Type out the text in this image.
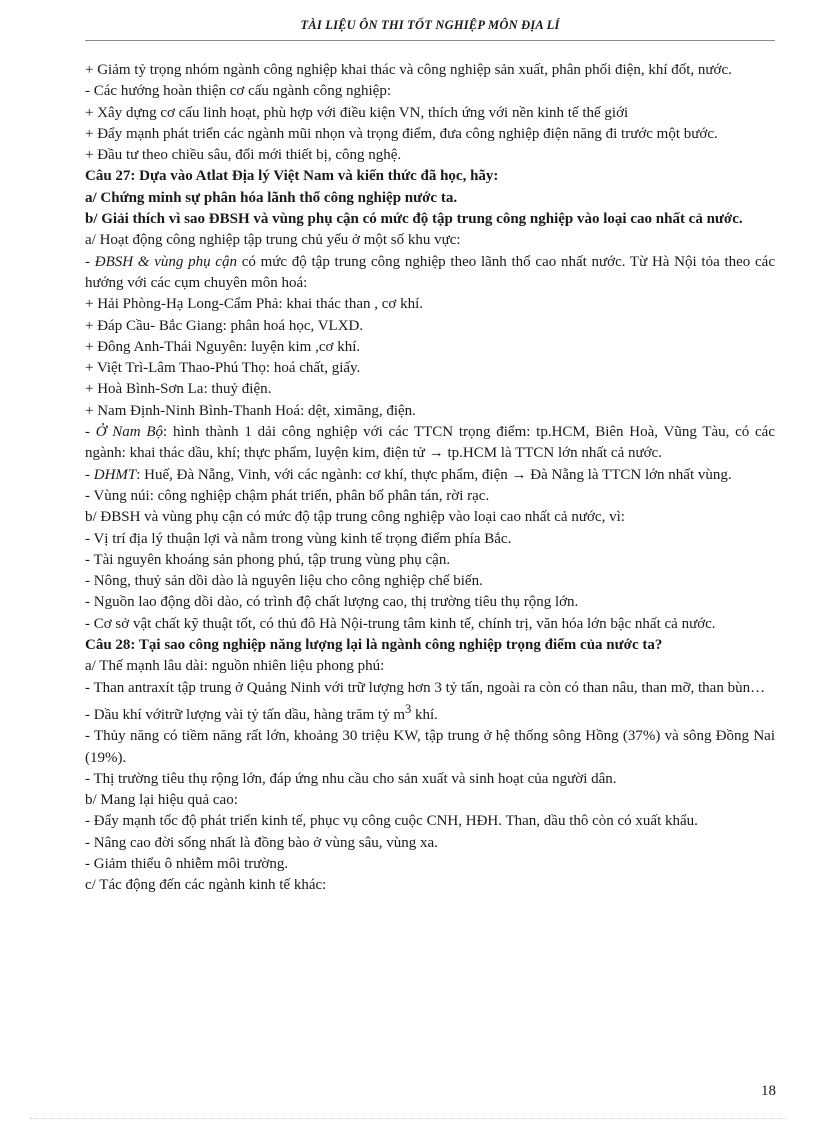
TÀI LIỆU ÔN THI TỐT NGHIỆP MÔN ĐỊA LÍ

+ Giảm tỷ trọng nhóm ngành công nghiệp khai thác và công nghiệp sản xuất, phân phối điện, khí đốt, nước.

- Các hướng hoàn thiện cơ cấu ngành công nghiệp:

+ Xây dựng cơ cấu linh hoạt, phù hợp với điều kiện VN, thích ứng với nền kinh tế thế giới

+ Đẩy mạnh phát triển các ngành mũi nhọn và trọng điểm, đưa công nghiệp điện năng đi trước một bước.

+ Đầu tư theo chiều sâu, đổi mới thiết bị, công nghệ.

Câu 27: Dựa vào Atlat Địa lý Việt Nam và kiến thức đã học, hãy:

a/ Chứng minh sự phân hóa lãnh thổ công nghiệp nước ta.

b/ Giải thích vì sao ĐBSH và vùng phụ cận có mức độ tập trung công nghiệp vào loại cao nhất cả nước.

a/ Hoạt động công nghiệp tập trung chủ yếu ở một số khu vực:

- ĐBSH & vùng phụ cận có mức độ tập trung công nghiệp theo lãnh thổ cao nhất nước. Từ Hà Nội tỏa theo các hướng với các cụm chuyên môn hoá:

+ Hải Phòng-Hạ Long-Cẩm Phả: khai thác than , cơ khí.

+ Đáp Cầu- Bắc Giang: phân hoá học, VLXD.

+ Đông Anh-Thái Nguyên: luyện kim ,cơ khí.

+ Việt Trì-Lâm Thao-Phú Thọ: hoá chất, giấy.

+ Hoà Bình-Sơn La: thuỷ điện.

+ Nam Định-Ninh Bình-Thanh Hoá: dệt, ximăng, điện.

- Ở Nam Bộ: hình thành 1 dải công nghiệp với các TTCN trọng điểm: tp.HCM, Biên Hoà, Vũng Tàu, có các ngành: khai thác dầu, khí; thực phẩm, luyện kim, điện tử → tp.HCM là TTCN lớn nhất cả nước.

- DHMT: Huế, Đà Nẵng, Vinh, với các ngành: cơ khí, thực phẩm, điện → Đà Nẵng là TTCN lớn nhất vùng.

- Vùng núi: công nghiệp chậm phát triển, phân bố phân tán, rời rạc.

b/ ĐBSH và vùng phụ cận có mức độ tập trung công nghiệp vào loại cao nhất cả nước, vì:

- Vị trí địa lý thuận lợi và nằm trong vùng kinh tế trọng điểm phía Bắc.

- Tài nguyên khoáng sản phong phú, tập trung vùng phụ cận.

- Nông, thuỷ sản dồi dào là nguyên liệu cho công nghiệp chế biến.

- Nguồn lao động dồi dào, có trình độ chất lượng cao, thị trường tiêu thụ rộng lớn.

- Cơ sở vật chất kỹ thuật tốt, có thủ đô Hà Nội-trung tâm kinh tế, chính trị, văn hóa lớn bậc nhất cả nước.

Câu 28: Tại sao công nghiệp năng lượng lại là ngành công nghiệp trọng điểm của nước ta?

a/ Thế mạnh lâu dài: nguồn nhiên liệu phong phú:

- Than antraxít tập trung ở Quảng Ninh với trữ lượng hơn 3 tỷ tấn, ngoài ra còn có than nâu, than mỡ, than bùn…

- Dầu khí vớitrữ lượng vài tỷ tấn dầu, hàng trăm tỷ $m^3$ khí.

- Thủy năng có tiềm năng rất lớn, khoảng 30 triệu KW, tập trung ở hệ thống sông Hồng (37%) và sông Đồng Nai (19%).

- Thị trường tiêu thụ rộng lớn, đáp ứng nhu cầu cho sản xuất và sinh hoạt của người dân.

b/ Mang lại hiệu quả cao:

- Đẩy mạnh tốc độ phát triển kinh tế, phục vụ công cuộc CNH, HĐH. Than, dầu thô còn có xuất khẩu.

- Nâng cao đời sống nhất là đồng bào ở vùng sâu, vùng xa.

- Giảm thiểu ô nhiễm môi trường.

c/ Tác động đến các ngành kinh tế khác:

18
